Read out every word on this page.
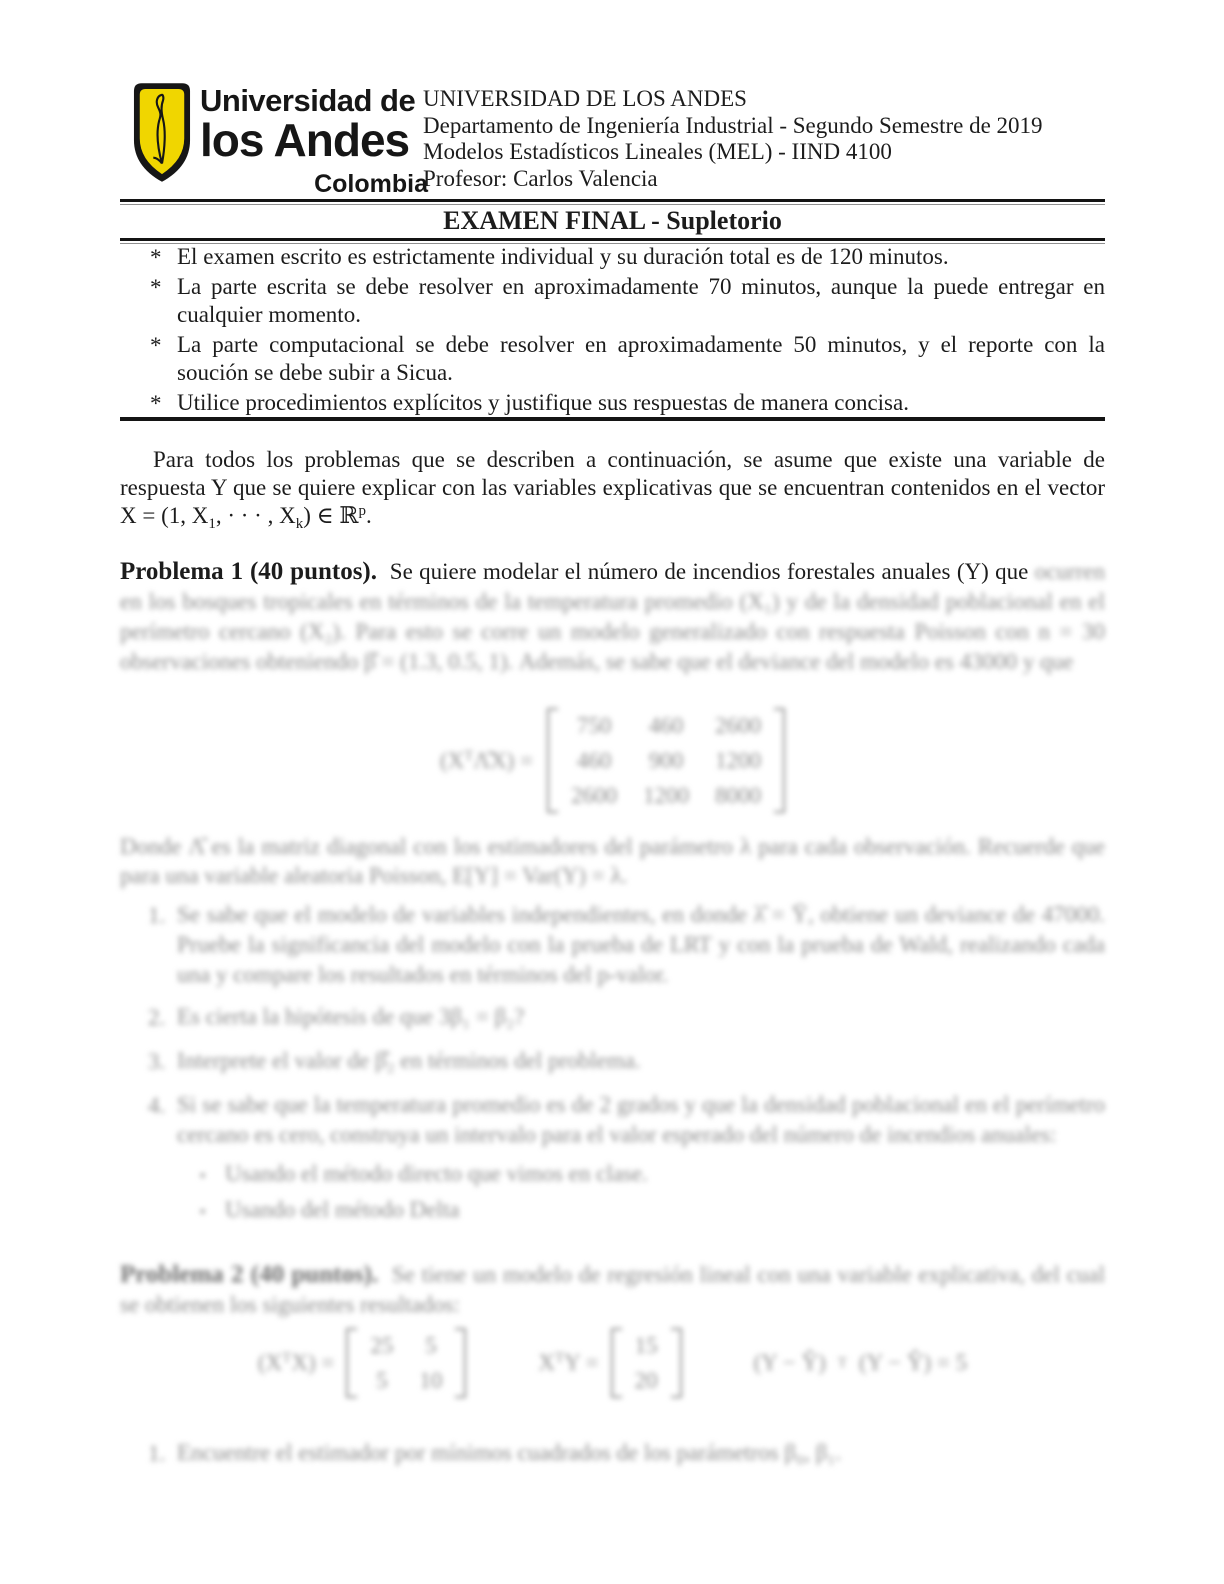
Universidad de
los Andes
Colombia
UNIVERSIDAD DE LOS ANDES
Departamento de Ingeniería Industrial - Segundo Semestre de 2019
Modelos Estadísticos Lineales (MEL) - IIND 4100
Profesor: Carlos Valencia
EXAMEN FINAL - Supletorio
* El examen escrito es estrictamente individual y su duración total es de 120 minutos.
* La parte escrita se debe resolver en aproximadamente 70 minutos, aunque la puede entregar en cualquier momento.
* La parte computacional se debe resolver en aproximadamente 50 minutos, y el reporte con la soución se debe subir a Sicua.
* Utilice procedimientos explícitos y justifique sus respuestas de manera concisa.

Para todos los problemas que se describen a continuación, se asume que existe una variable de respuesta Y que se quiere explicar con las variables explicativas que se encuentran contenidos en el vector X = (1, $X_1$, · · · , $X_k$) ∈ ℝ$^p$.

Problema 1 (40 puntos). Se quiere modelar el número de incendios forestales anuales (Y) que ocurren en los bosques tropicales en términos de la temperatura promedio (X₁) y de la densidad poblacional en el perímetro cercano (X₂). Para esto se corre un modelo generalizado con respuesta Poisson con n = 30 observaciones obteniendo β̂ = (1.3, 0.5, 1). Además, se sabe que el deviance del modelo es 43000 y que

$(X^T\LambdâX)$ =
750	460	2600
460	900	1200
2600	1200	8000

Donde Λ̂ es la matriz diagonal con los estimadores del parámetro λ para cada observación. Recuerde que para una variable aleatoria Poisson, E[Y] = Var(Y) = λ.

1. Se sabe que el modelo de variables independientes, en donde λ̂ = Ȳ, obtiene un deviance de 47000. Pruebe la significancia del modelo con la prueba de LRT y con la prueba de Wald, realizando cada una y compare los resultados en términos del p-valor.
2. Es cierta la hipótesis de que 3β₁ = β₂?
3. Interprete el valor de β̂₂ en términos del problema.
4. Si se sabe que la temperatura promedio es de 2 grados y que la densidad poblacional en el perímetro cercano es cero, construya un intervalo para el valor esperado del número de incendios anuales:
▪ Usando el método directo que vimos en clase.
▪ Usando del método Delta

Problema 2 (40 puntos). Se tiene un modelo de regresión lineal con una variable explicativa, del cual se obtienen los siguientes resultados:

$(X^TX)$ =
25	5
5	10
$X^TY$ =
15
20
(Y − Ŷ) T (Y − Ŷ) = 5
1. Encuentre el estimador por mínimos cuadrados de los parámetros β₀, β₁.
